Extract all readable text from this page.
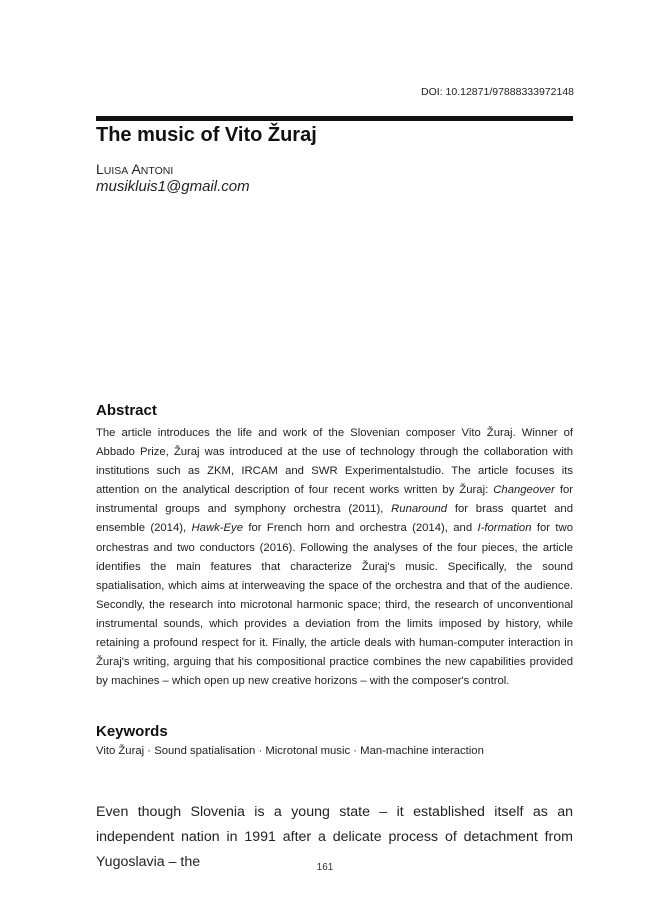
DOI: 10.12871/97888333972148
The music of Vito Žuraj
LUISA ANTONI
musikluis1@gmail.com
Abstract

The article introduces the life and work of the Slovenian composer Vito Žuraj. Winner of Abbado Prize, Žuraj was introduced at the use of technology through the collaboration with institutions such as ZKM, IRCAM and SWR Experimentalstudio. The article focuses its attention on the analytical description of four recent works written by Žuraj: Changeover for instrumental groups and symphony orchestra (2011), Runaround for brass quartet and ensemble (2014), Hawk-Eye for French horn and orchestra (2014), and I-formation for two orchestras and two conductors (2016). Following the analyses of the four pieces, the article identifies the main features that characterize Žuraj's music. Specifically, the sound spatialisation, which aims at interweaving the space of the orchestra and that of the audience. Secondly, the research into microtonal harmonic space; third, the research of unconventional instrumental sounds, which provides a deviation from the limits imposed by history, while retaining a profound respect for it. Finally, the article deals with human-computer interaction in Žuraj's writing, arguing that his compositional practice combines the new capabilities provided by machines – which open up new creative horizons – with the composer's control.

Keywords
Vito Žuraj · Sound spatialisation · Microtonal music · Man-machine interaction

Even though Slovenia is a young state – it established itself as an independent nation in 1991 after a delicate process of detachment from Yugoslavia – the	161
